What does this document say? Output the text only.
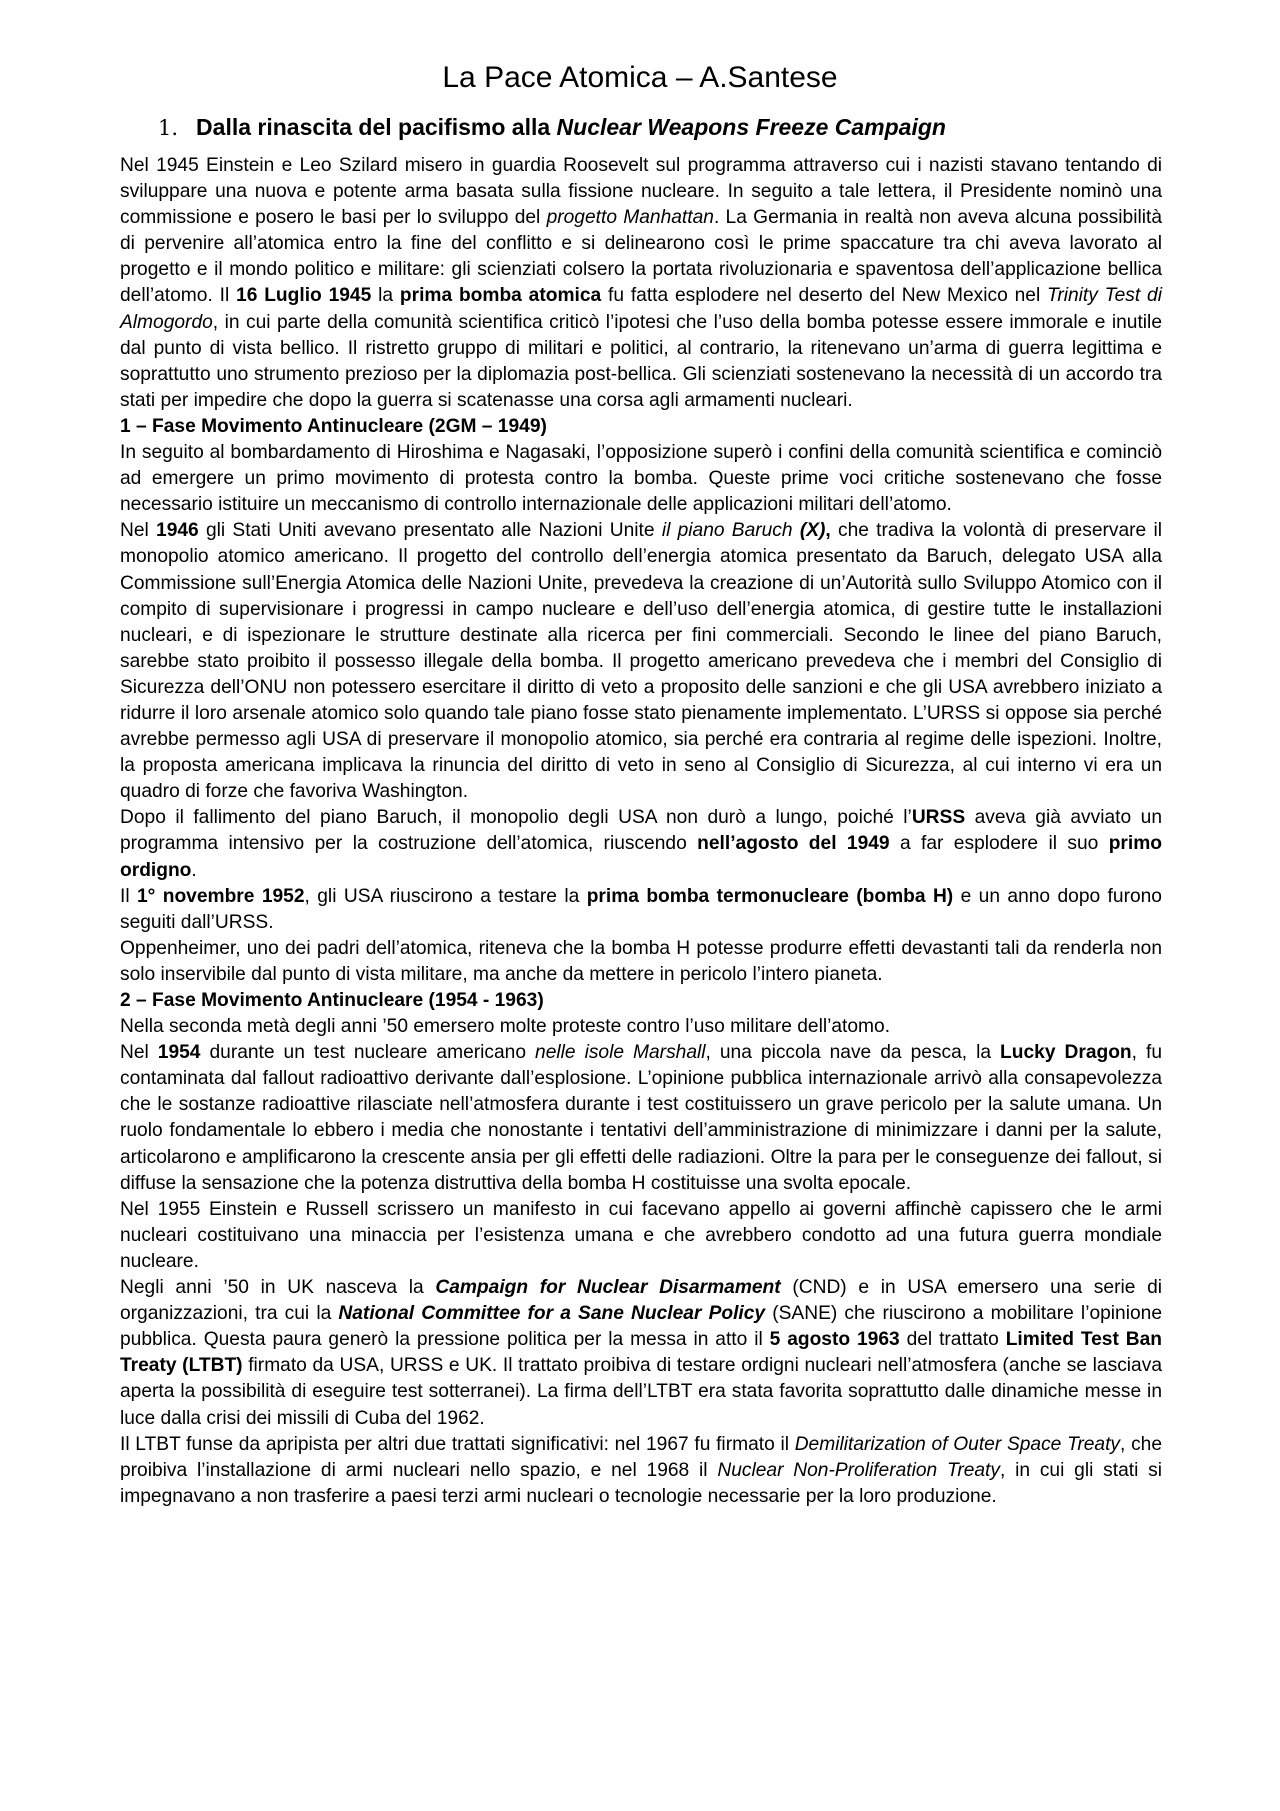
La Pace Atomica – A.Santese
1. Dalla rinascita del pacifismo alla Nuclear Weapons Freeze Campaign

Nel 1945 Einstein e Leo Szilard misero in guardia Roosevelt sul programma attraverso cui i nazisti stavano tentando di sviluppare una nuova e potente arma basata sulla fissione nucleare. In seguito a tale lettera, il Presidente nominò una commissione e posero le basi per lo sviluppo del progetto Manhattan. La Germania in realtà non aveva alcuna possibilità di pervenire all’atomica entro la fine del conflitto e si delinearono così le prime spaccature tra chi aveva lavorato al progetto e il mondo politico e militare: gli scienziati colsero la portata rivoluzionaria e spaventosa dell’applicazione bellica dell’atomo. Il 16 Luglio 1945 la prima bomba atomica fu fatta esplodere nel deserto del New Mexico nel Trinity Test di Almogordo, in cui parte della comunità scientifica criticò l’ipotesi che l’uso della bomba potesse essere immorale e inutile dal punto di vista bellico. Il ristretto gruppo di militari e politici, al contrario, la ritenevano un’arma di guerra legittima e soprattutto uno strumento prezioso per la diplomazia post-bellica. Gli scienziati sostenevano la necessità di un accordo tra stati per impedire che dopo la guerra si scatenasse una corsa agli armamenti nucleari.

1 – Fase Movimento Antinucleare (2GM – 1949)

In seguito al bombardamento di Hiroshima e Nagasaki, l’opposizione superò i confini della comunità scientifica e cominciò ad emergere un primo movimento di protesta contro la bomba. Queste prime voci critiche sostenevano che fosse necessario istituire un meccanismo di controllo internazionale delle applicazioni militari dell’atomo.

Nel 1946 gli Stati Uniti avevano presentato alle Nazioni Unite il piano Baruch (X), che tradiva la volontà di preservare il monopolio atomico americano. Il progetto del controllo dell’energia atomica presentato da Baruch, delegato USA alla Commissione sull’Energia Atomica delle Nazioni Unite, prevedeva la creazione di un’Autorità sullo Sviluppo Atomico con il compito di supervisionare i progressi in campo nucleare e dell’uso dell’energia atomica, di gestire tutte le installazioni nucleari, e di ispezionare le strutture destinate alla ricerca per fini commerciali. Secondo le linee del piano Baruch, sarebbe stato proibito il possesso illegale della bomba. Il progetto americano prevedeva che i membri del Consiglio di Sicurezza dell’ONU non potessero esercitare il diritto di veto a proposito delle sanzioni e che gli USA avrebbero iniziato a ridurre il loro arsenale atomico solo quando tale piano fosse stato pienamente implementato. L’URSS si oppose sia perché avrebbe permesso agli USA di preservare il monopolio atomico, sia perché era contraria al regime delle ispezioni. Inoltre, la proposta americana implicava la rinuncia del diritto di veto in seno al Consiglio di Sicurezza, al cui interno vi era un quadro di forze che favoriva Washington.

Dopo il fallimento del piano Baruch, il monopolio degli USA non durò a lungo, poiché l’URSS aveva già avviato un programma intensivo per la costruzione dell’atomica, riuscendo nell’agosto del 1949 a far esplodere il suo primo ordigno.

Il 1° novembre 1952, gli USA riuscirono a testare la prima bomba termonucleare (bomba H) e un anno dopo furono seguiti dall’URSS.

Oppenheimer, uno dei padri dell’atomica, riteneva che la bomba H potesse produrre effetti devastanti tali da renderla non solo inservibile dal punto di vista militare, ma anche da mettere in pericolo l’intero pianeta.

2 – Fase Movimento Antinucleare (1954 - 1963)

Nella seconda metà degli anni ’50 emersero molte proteste contro l’uso militare dell’atomo.

Nel 1954 durante un test nucleare americano nelle isole Marshall, una piccola nave da pesca, la Lucky Dragon, fu contaminata dal fallout radioattivo derivante dall’esplosione. L’opinione pubblica internazionale arrivò alla consapevolezza che le sostanze radioattive rilasciate nell’atmosfera durante i test costituissero un grave pericolo per la salute umana. Un ruolo fondamentale lo ebbero i media che nonostante i tentativi dell’amministrazione di minimizzare i danni per la salute, articolarono e amplificarono la crescente ansia per gli effetti delle radiazioni. Oltre la para per le conseguenze dei fallout, si diffuse la sensazione che la potenza distruttiva della bomba H costituisse una svolta epocale.

Nel 1955 Einstein e Russell scrissero un manifesto in cui facevano appello ai governi affinchè capissero che le armi nucleari costituivano una minaccia per l’esistenza umana e che avrebbero condotto ad una futura guerra mondiale nucleare.

Negli anni ’50 in UK nasceva la Campaign for Nuclear Disarmament (CND) e in USA emersero una serie di organizzazioni, tra cui la National Committee for a Sane Nuclear Policy (SANE) che riuscirono a mobilitare l’opinione pubblica. Questa paura generò la pressione politica per la messa in atto il 5 agosto 1963 del trattato Limited Test Ban Treaty (LTBT) firmato da USA, URSS e UK. Il trattato proibiva di testare ordigni nucleari nell’atmosfera (anche se lasciava aperta la possibilità di eseguire test sotterranei). La firma dell’LTBT era stata favorita soprattutto dalle dinamiche messe in luce dalla crisi dei missili di Cuba del 1962.

Il LTBT funse da apripista per altri due trattati significativi: nel 1967 fu firmato il Demilitarization of Outer Space Treaty, che proibiva l’installazione di armi nucleari nello spazio, e nel 1968 il Nuclear Non-Proliferation Treaty, in cui gli stati si impegnavano a non trasferire a paesi terzi armi nucleari o tecnologie necessarie per la loro produzione.
